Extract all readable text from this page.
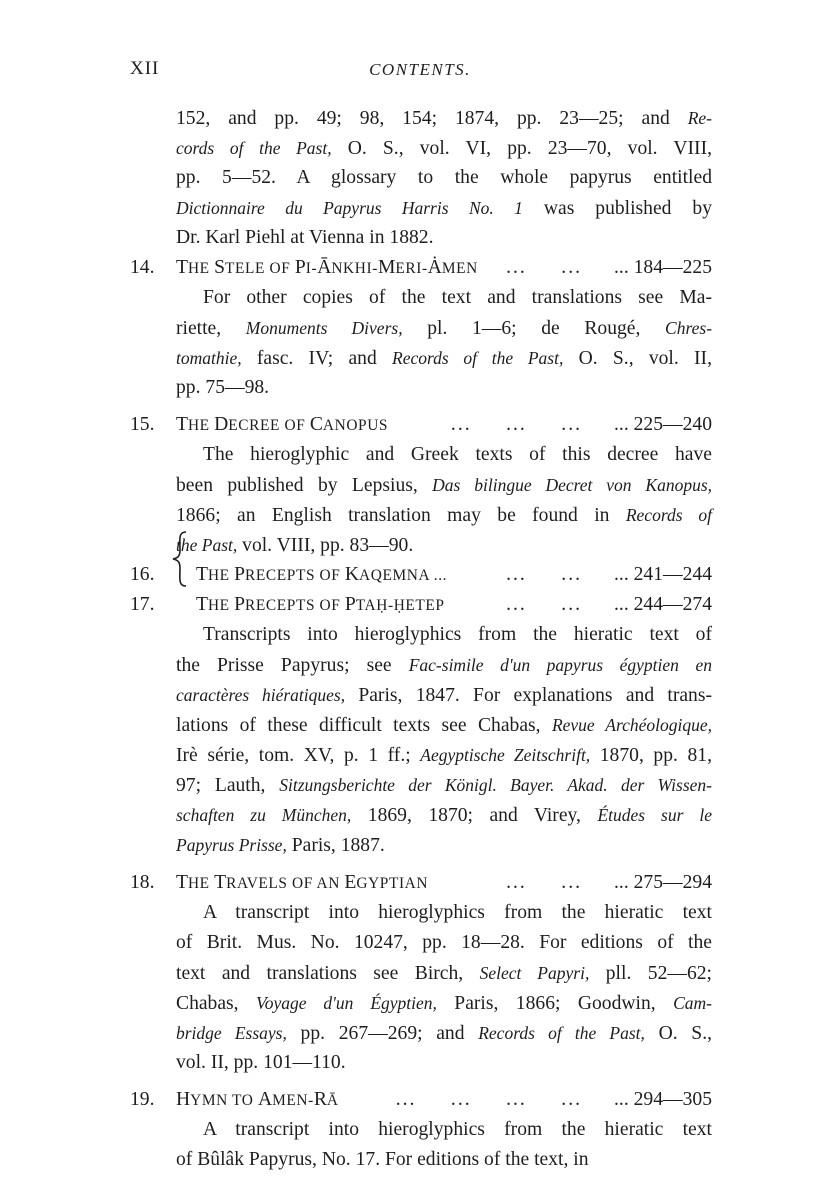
XII	CONTENTS.
152, and pp. 49; 98, 154; 1874, pp. 23—25; and Re-
cords of the Past, O. S., vol. VI, pp. 23—70, vol. VIII,
pp. 5—52. A glossary to the whole papyrus entitled
Dictionnaire du Papyrus Harris No. 1 was published by
Dr. Karl Piehl at Vienna in 1882.
14. THE STELE OF PI-ĀNKHI-MERI-ȦMEN ...     ... ... 184—225
For other copies of the text and translations see Ma-
riette, Monuments Divers, pl. 1—6; de Rougé, Chres-
tomathie, fasc. IV; and Records of the Past, O. S., vol. II,
pp. 75—98.
15. THE DECREE OF CANOPUS	...     ...     ... ... 225—240
The hieroglyphic and Greek texts of this decree have
been published by Lepsius, Das bilingue Decret von Kanopus,
1866; an English translation may be found in Records of
the Past, vol. VIII, pp. 83—90.
16. THE PRECEPTS OF KAQEMNA ...	...     ... ... 241—244
17. THE PRECEPTS OF PTAḤ-ḤETEP	...     ... ... 244—274
Transcripts into hieroglyphics from the hieratic text of
the Prisse Papyrus; see Fac-simile d'un papyrus égyptien en
caractères hiératiques, Paris, 1847. For explanations and trans-
lations of these difficult texts see Chabas, Revue Archéologique,
Irè série, tom. XV, p. 1 ff.; Aegyptische Zeitschrift, 1870, pp. 81,
97; Lauth, Sitzungsberichte der Königl. Bayer. Akad. der Wissen-
schaften zu München, 1869, 1870; and Virey, Études sur le
Papyrus Prisse, Paris, 1887.
18. THE TRAVELS OF AN EGYPTIAN	...     ... ... 275—294
A transcript into hieroglyphics from the hieratic text
of Brit. Mus. No. 10247, pp. 18—28. For editions of the
text and translations see Birch, Select Papyri, pll. 52—62;
Chabas, Voyage d'un Égyptien, Paris, 1866; Goodwin, Cam-
bridge Essays, pp. 267—269; and Records of the Past, O. S.,
vol. II, pp. 101—110.
19. HYMN TO AMEN-RĀ	...     ...     ...     ... ... 294—305
A transcript into hieroglyphics from the hieratic text
of Bûlâk Papyrus, No. 17. For editions of the text, in
